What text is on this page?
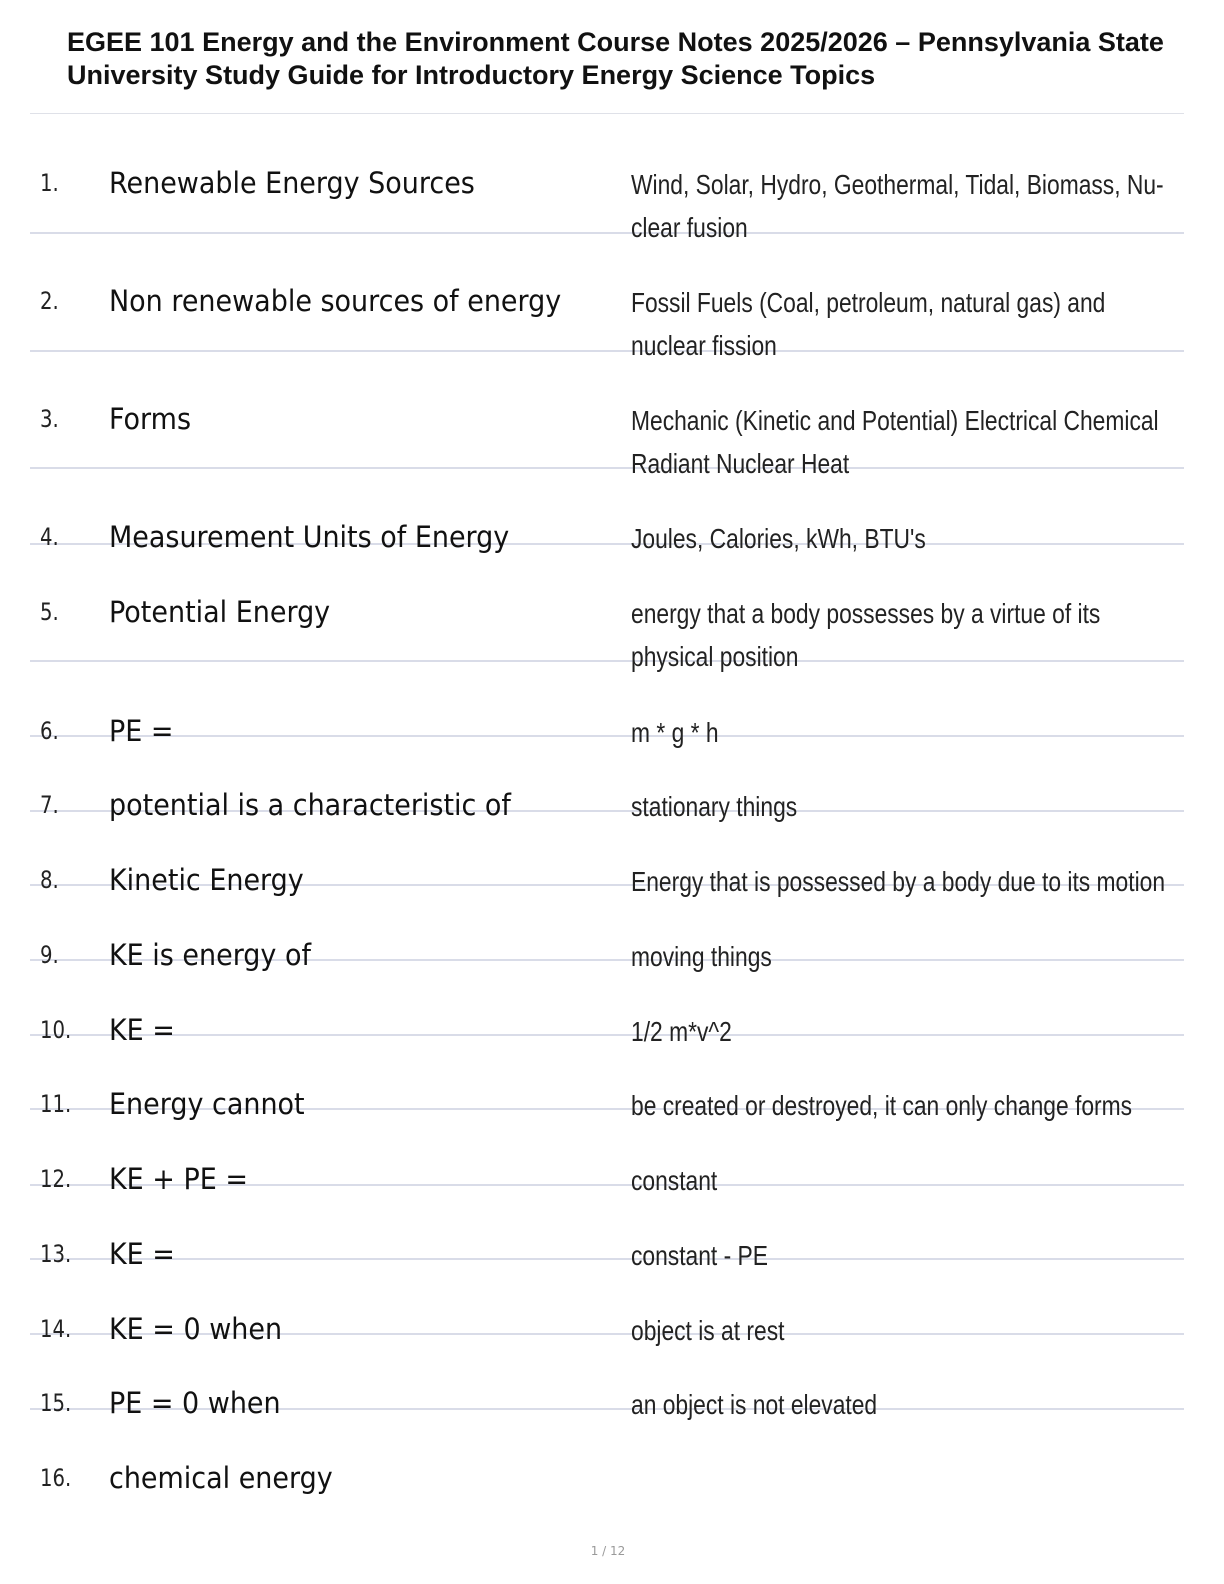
EGEE 101 Energy and the Environment Course Notes 2025/2026 – Pennsylvania State University Study Guide for Introductory Energy Science Topics
1. Renewable Energy Sources	Wind, Solar, Hydro, Geothermal, Tidal, Biomass, Nu-clear fusion
2. Non renewable sources of energy	Fossil Fuels (Coal, petroleum, natural gas) and nuclear fission
3. Forms	Mechanic (Kinetic and Potential) Electrical Chemical Radiant Nuclear Heat
4. Measurement Units of Energy	Joules, Calories, kWh, BTU's
5. Potential Energy	energy that a body possesses by a virtue of its physical position
6. PE =	m * g * h
7. potential is a characteristic of	stationary things
8. Kinetic Energy	Energy that is possessed by a body due to its motion
9. KE is energy of	moving things
10. KE =	1/2 m*v^2
11. Energy cannot	be created or destroyed, it can only change forms
12. KE + PE =	constant
13. KE =	constant - PE
14. KE = 0 when	object is at rest
15. PE = 0 when	an object is not elevated
16. chemical energy
1 / 12
